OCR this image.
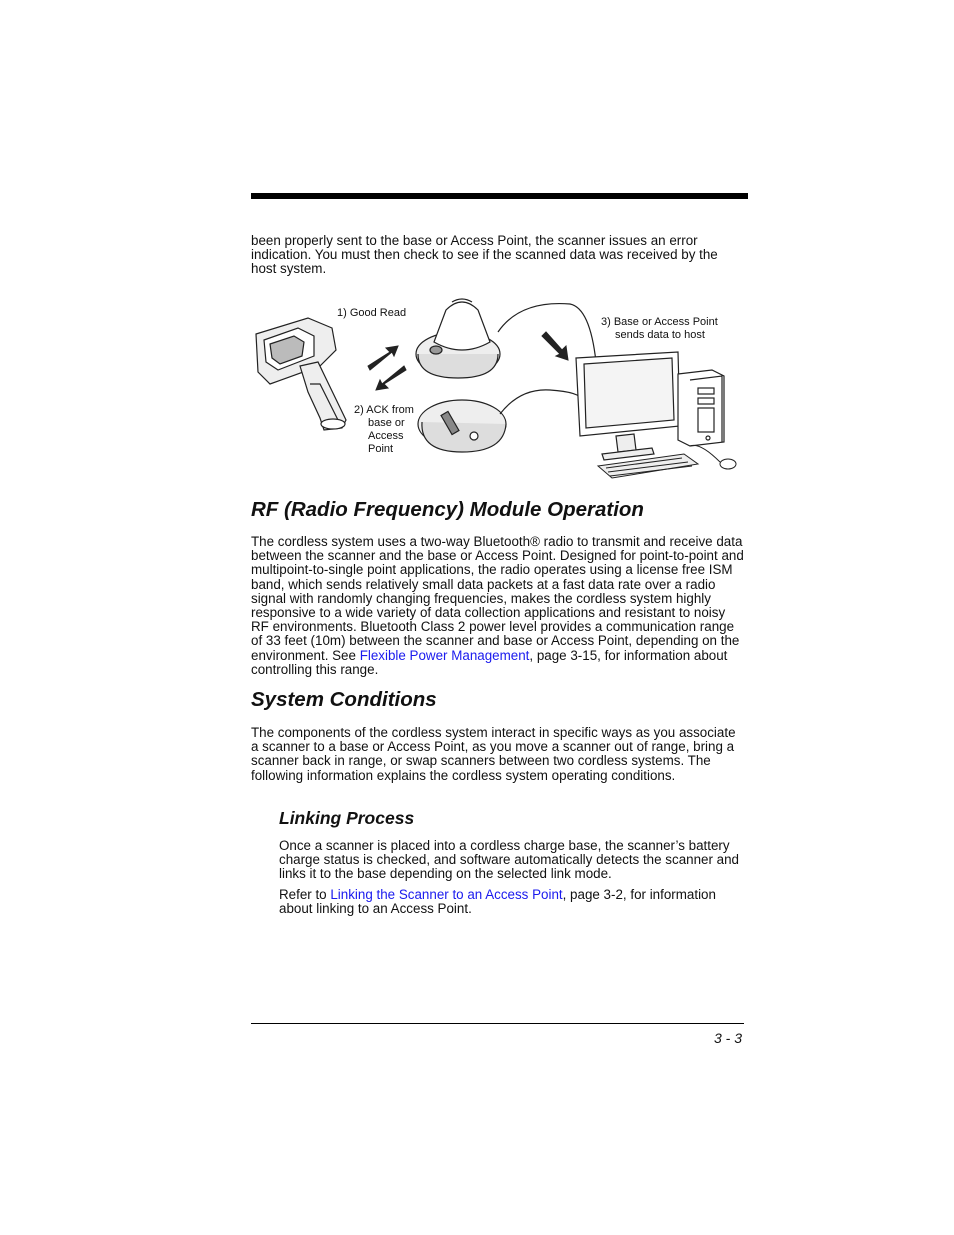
been properly sent to the base or Access Point, the scanner issues an error indication. You must then check to see if the scanned data was received by the host system.

1) Good Read
2) ACK from
base or
Access
Point
3) Base or Access Point
sends data to host
RF (Radio Frequency) Module Operation

The cordless system uses a two-way Bluetooth® radio to transmit and receive data between the scanner and the base or Access Point. Designed for point-to-point and multipoint-to-single point applications, the radio operates using a license free ISM band, which sends relatively small data packets at a fast data rate over a radio signal with randomly changing frequencies, makes the cordless system highly responsive to a wide variety of data collection applications and resistant to noisy RF environments. Bluetooth Class 2 power level provides a communication range of 33 feet (10m) between the scanner and base or Access Point, depending on the environment. See Flexible Power Management, page 3-15, for information about controlling this range.

System Conditions

The components of the cordless system interact in specific ways as you associate a scanner to a base or Access Point, as you move a scanner out of range, bring a scanner back in range, or swap scanners between two cordless systems. The following information explains the cordless system operating conditions.

Linking Process

Once a scanner is placed into a cordless charge base, the scanner’s battery charge status is checked, and software automatically detects the scanner and links it to the base depending on the selected link mode.

Refer to Linking the Scanner to an Access Point, page 3-2, for information about linking to an Access Point.

3 - 3
